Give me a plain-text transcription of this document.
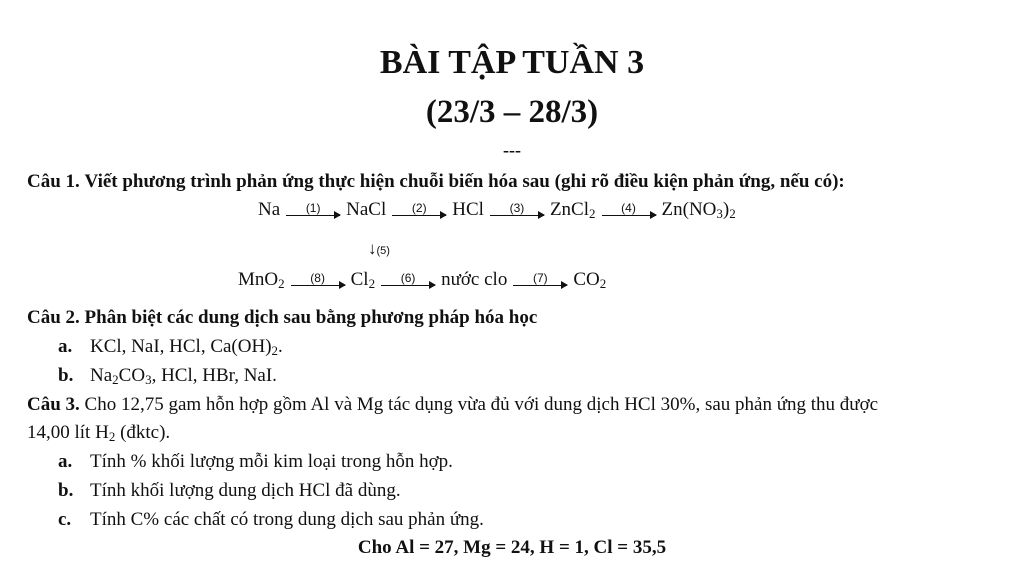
BÀI TẬP TUẦN 3
(23/3 – 28/3)
---
Câu 1. Viết phương trình phản ứng thực hiện chuỗi biến hóa sau (ghi rõ điều kiện phản ứng, nếu có):
Na (1) NaCl (2) HCl (3) ZnCl$_2$ (4) $Zn(NO_3)_2$
↓(5)
MnO$_2$ (8) $Cl_2$ (6) nước clo (7) $CO_2$
Câu 2. Phân biệt các dung dịch sau bằng phương pháp hóa học
a. KCl, NaI, HCl, $Ca(OH)_2$.
b. $Na_2CO_3$, HCl, HBr, NaI.
Câu 3. Cho 12,75 gam hỗn hợp gồm Al và Mg tác dụng vừa đủ với dung dịch HCl 30%, sau phản ứng thu được
14,00 lít $H_2$ (đktc).
a. Tính % khối lượng mỗi kim loại trong hỗn hợp.
b. Tính khối lượng dung dịch HCl đã dùng.
c. Tính C% các chất có trong dung dịch sau phản ứng.
Cho Al = 27, Mg = 24, H = 1, Cl = 35,5
